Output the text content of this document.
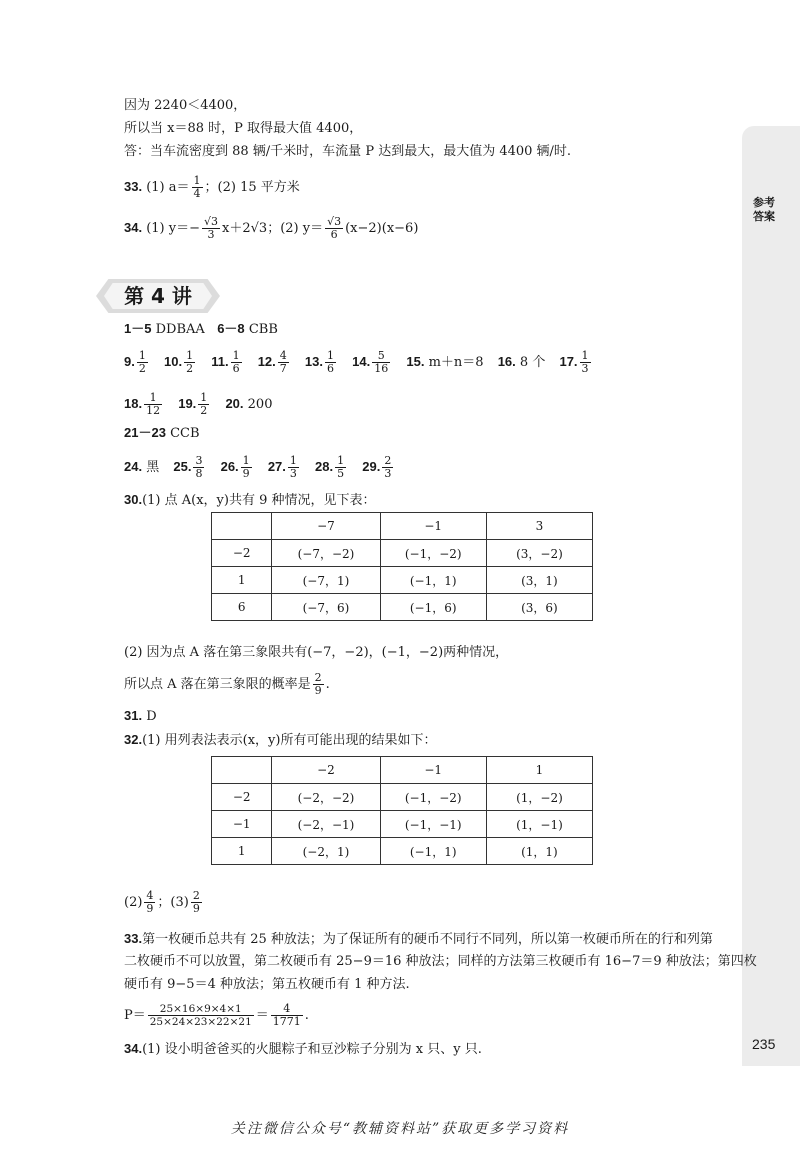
参考答案
235
因为 2240＜4400，
所以当 x＝88 时，P 取得最大值 4400，
答：当车流密度到 88 辆/千米时，车流量 P 达到最大，最大值为 4400 辆/时.
33. (1) $a= \frac{1}{4}$ ；(2) 15 平方米
34. (1) $y=- \frac{√3}{3} x+2√3$；(2) $y= \frac{√3}{6} (x-2)(x-6)$
第 4 讲
1－5 DDBAA 6－8 CBB
9. $\frac{1}{2} 10$. $\frac{1}{2} 11$. $\frac{1}{6} 12$. $\frac{4}{7} 13$. $\frac{1}{6} 14$. $\frac{5}{16} 15$. m＋n＝8 16. 8 个 17. $\frac{1}{3}$
18. $\frac{1}{12} 19$. $\frac{1}{2} 20$. 200
21－23 CCB
24. 黑 25. $\frac{3}{8} 26$. $\frac{1}{9} 27$. $\frac{1}{3} 28$. $\frac{1}{5} 29$. $\frac{2}{3}$
30.(1) 点 A(x，y)共有 9 种情况，见下表：
	−7	−1	3
−2	(−7，−2)	(−1，−2)	(3，−2)
1	(−7，1)	(−1，1)	(3，1)
6	(−7，6)	(−1，6)	(3，6)
(2) 因为点 A 落在第三象限共有(−7，−2)，(−1，−2)两种情况，
所以点 A 落在第三象限的概率是 $\frac{2}{9}$ .
31. D
32.(1) 用列表法表示(x，y)所有可能出现的结果如下：
	−2	−1	1
−2	(−2，−2)	(−1，−2)	(1，−2)
−1	(−2，−1)	(−1，−1)	(1，−1)
1	(−2，1)	(−1，1)	(1，1)
$(2) \frac{4}{9}$ ；$(3) \frac{2}{9}$
33.第一枚硬币总共有 25 种放法；为了保证所有的硬币不同行不同列，所以第一枚硬币所在的行和列第
二枚硬币不可以放置，第二枚硬币有 25−9＝16 种放法；同样的方法第三枚硬币有 16−7＝9 种放法；第四枚
硬币有 9−5＝4 种放法；第五枚硬币有 1 种方法.
$P= \frac{25\times 16\times 9\times 4\times 1}{25\times 24\times 23\times 22\times 21} = \frac{4}{1771}$ .
34.(1) 设小明爸爸买的火腿粽子和豆沙粽子分别为 x 只、y 只.
关注微信公众号“教辅资料站”获取更多学习资料
